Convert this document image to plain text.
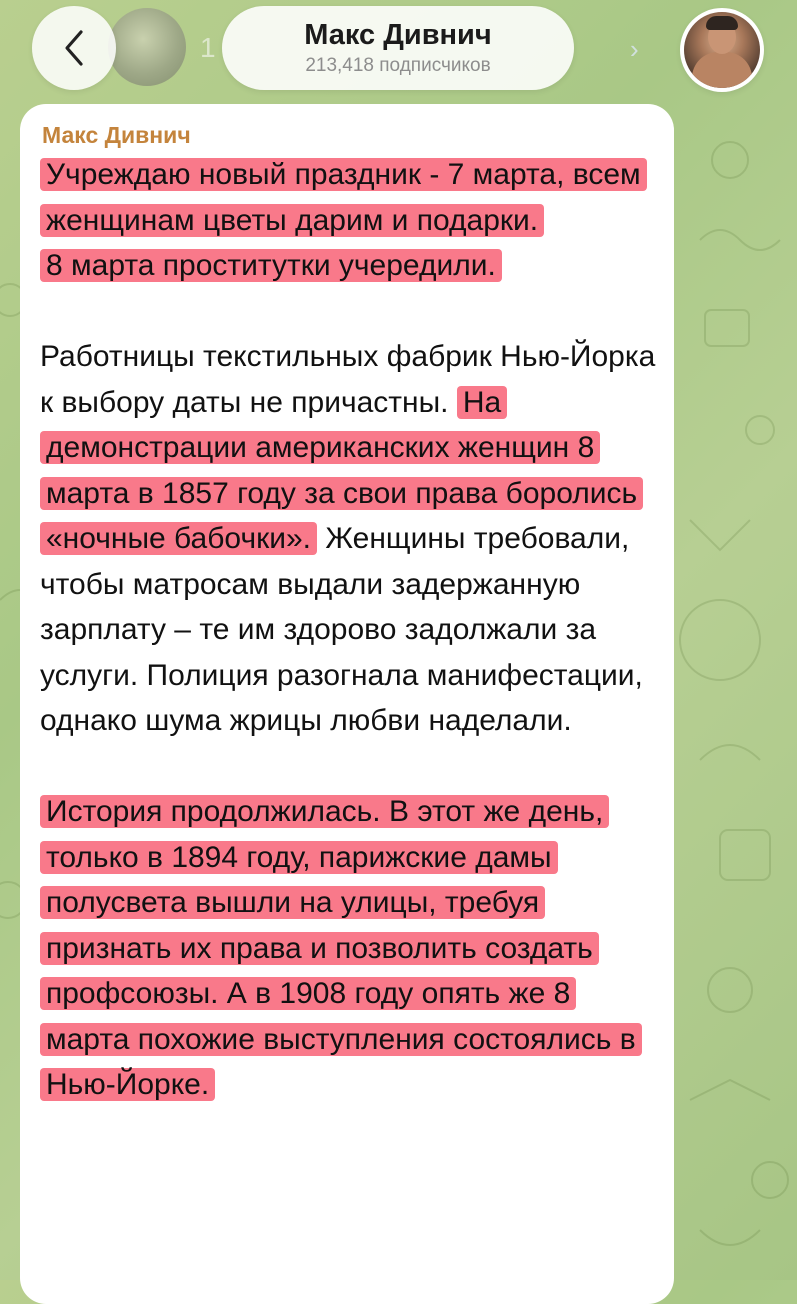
1	Макс Дивнич
213,418 подписчиков
›
Макс Дивнич

Учреждаю новый праздник - 7 марта, всем женщинам цветы дарим и подарки.
8 марта проститутки учередили.

Работницы текстильных фабрик Нью-Йорка к выбору даты не причастны. На демонстрации американских женщин 8 марта в 1857 году за свои права боролись «ночные бабочки». Женщины требовали, чтобы матросам выдали задержанную зарплату – те им здорово задолжали за услуги. Полиция разогнала манифестации, однако шума жрицы любви наделали.

История продолжилась. В этот же день, только в 1894 году, парижские дамы полусвета вышли на улицы, требуя признать их права и позволить создать профсоюзы. А в 1908 году опять же 8 марта похожие выступления состоялись в Нью-Йорке.
